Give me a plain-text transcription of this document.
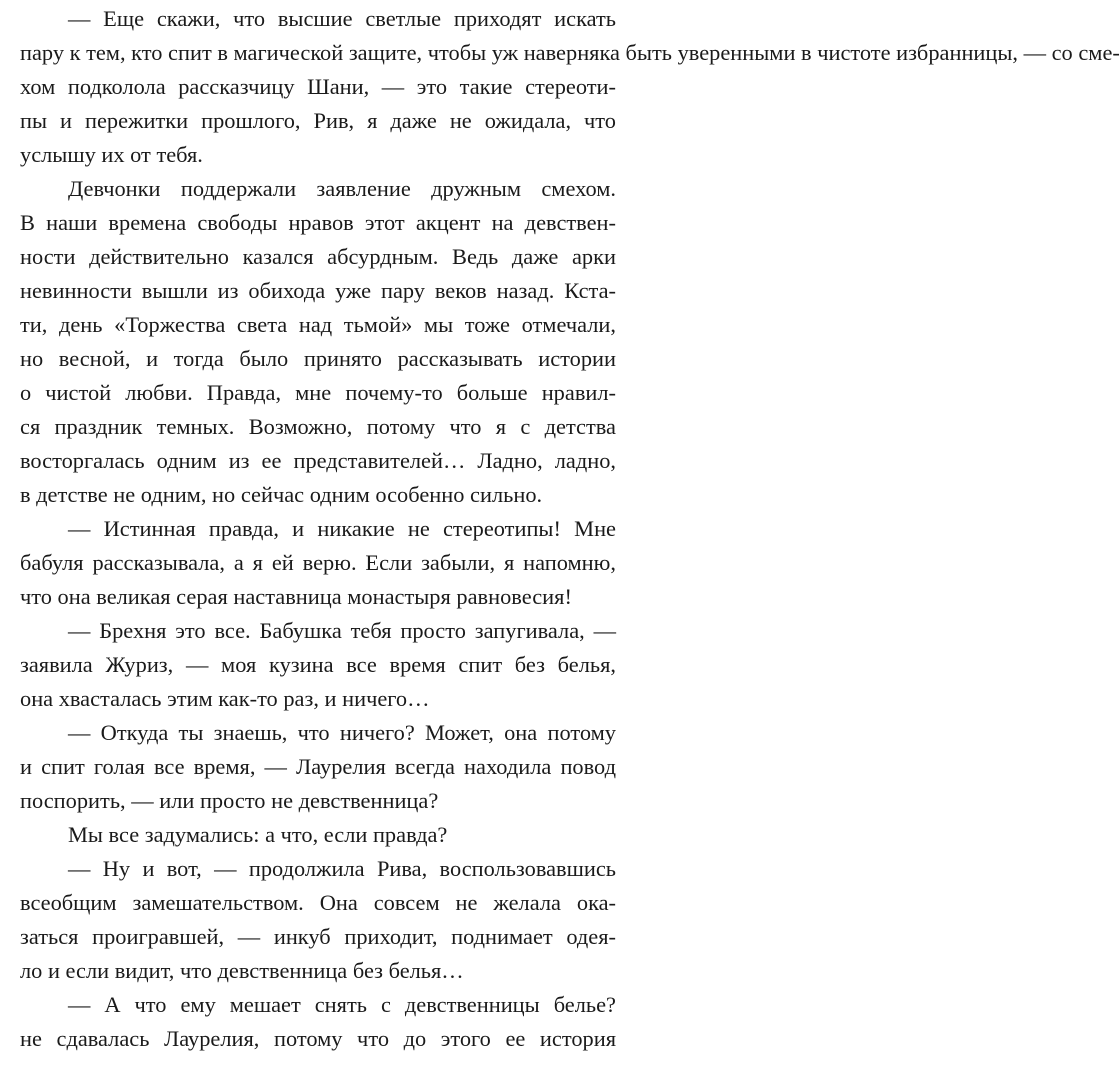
— Еще скажи, что высшие светлые приходят искать
пару к тем, кто спит в магической защите, чтобы уж наверняка быть уверенными в чистоте избранницы, — со сме-
хом подколола рассказчицу Шани, — это такие стереоти-
пы и пережитки прошлого, Рив, я даже не ожидала, что
услышу их от тебя.
Девчонки поддержали заявление дружным смехом.
В наши времена свободы нравов этот акцент на девствен-
ности действительно казался абсурдным. Ведь даже арки
невинности вышли из обихода уже пару веков назад. Кста-
ти, день «Торжества света над тьмой» мы тоже отмечали,
но весной, и тогда было принято рассказывать истории
о чистой любви. Правда, мне почему-то больше нравил-
ся праздник темных. Возможно, потому что я с детства
восторгалась одним из ее представителей… Ладно, ладно,
в детстве не одним, но сейчас одним особенно сильно.
— Истинная правда, и никакие не стереотипы! Мне
бабуля рассказывала, а я ей верю. Если забыли, я напомню,
что она великая серая наставница монастыря равновесия!
— Брехня это все. Бабушка тебя просто запугивала, —
заявила Журиз, — моя кузина все время спит без белья,
она хвасталась этим как-то раз, и ничего…
— Откуда ты знаешь, что ничего? Может, она потому
и спит голая все время, — Лаурелия всегда находила повод
поспорить, — или просто не девственница?
Мы все задумались: а что, если правда?
— Ну и вот, — продолжила Рива, воспользовавшись
всеобщим замешательством. Она совсем не желала ока-
заться проигравшей, — инкуб приходит, поднимает одея-
ло и если видит, что девственница без белья…
— А что ему мешает снять с девственницы белье?
не сдавалась Лаурелия, потому что до этого ее история
